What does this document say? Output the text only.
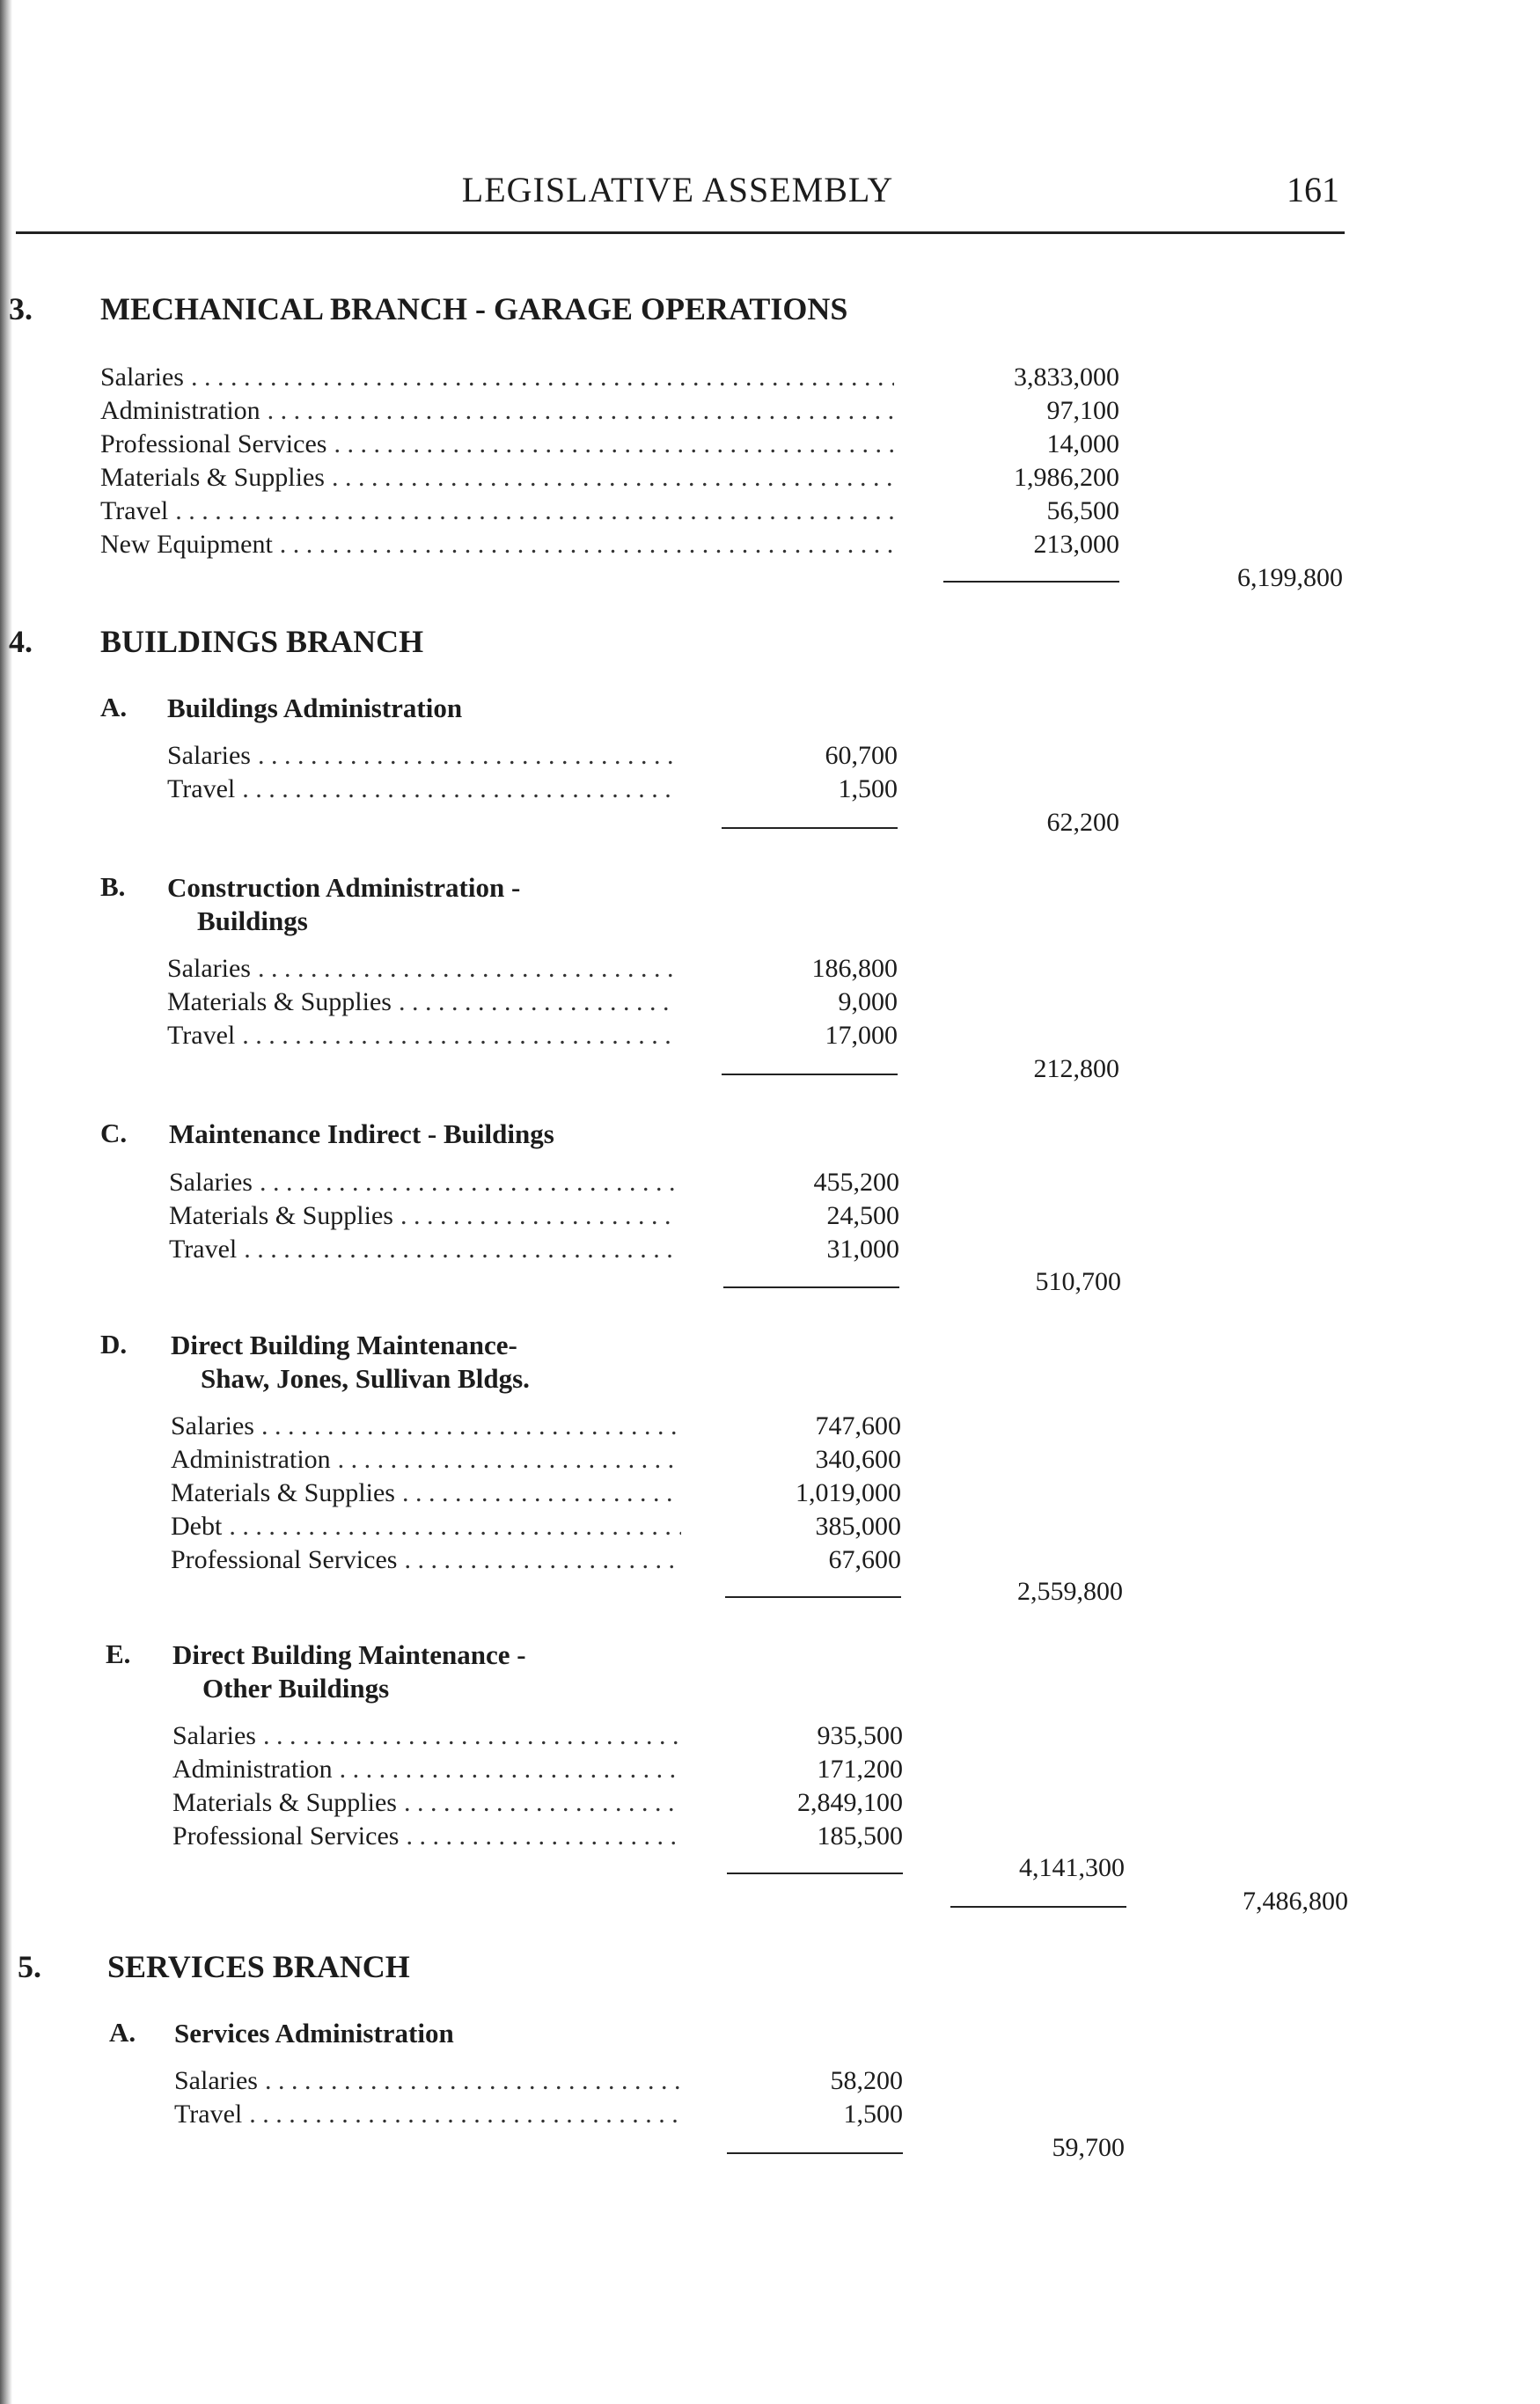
LEGISLATIVE ASSEMBLY	161
3. MECHANICAL BRANCH - GARAGE OPERATIONS
Salaries . . .	3,833,000
Administration . . .	97,100
Professional Services . . .	14,000
Materials & Supplies . . .	1,986,200
Travel . . .	56,500
New Equipment . . .	213,000
6,199,800
4. BUILDINGS BRANCH
A. Buildings Administration
Salaries . . .	60,700
Travel . . .	1,500
62,200
B. Construction Administration -
Buildings
Salaries . . .	186,800
Materials & Supplies . . .	9,000
Travel . . .	17,000
212,800
C. Maintenance Indirect - Buildings
Salaries . . .	455,200
Materials & Supplies . . .	24,500
Travel . . .	31,000
510,700
D. Direct Building Maintenance-
Shaw, Jones, Sullivan Bldgs.
Salaries . . .	747,600
Administration . . .	340,600
Materials & Supplies . . .	1,019,000
Debt . . .	385,000
Professional Services . . .	67,600
2,559,800
E. Direct Building Maintenance -
Other Buildings
Salaries . . .	935,500
Administration . . .	171,200
Materials & Supplies . . .	2,849,100
Professional Services . . .	185,500
4,141,300
7,486,800
5. SERVICES BRANCH
A. Services Administration
Salaries . . .	58,200
Travel . . .	1,500
59,700
